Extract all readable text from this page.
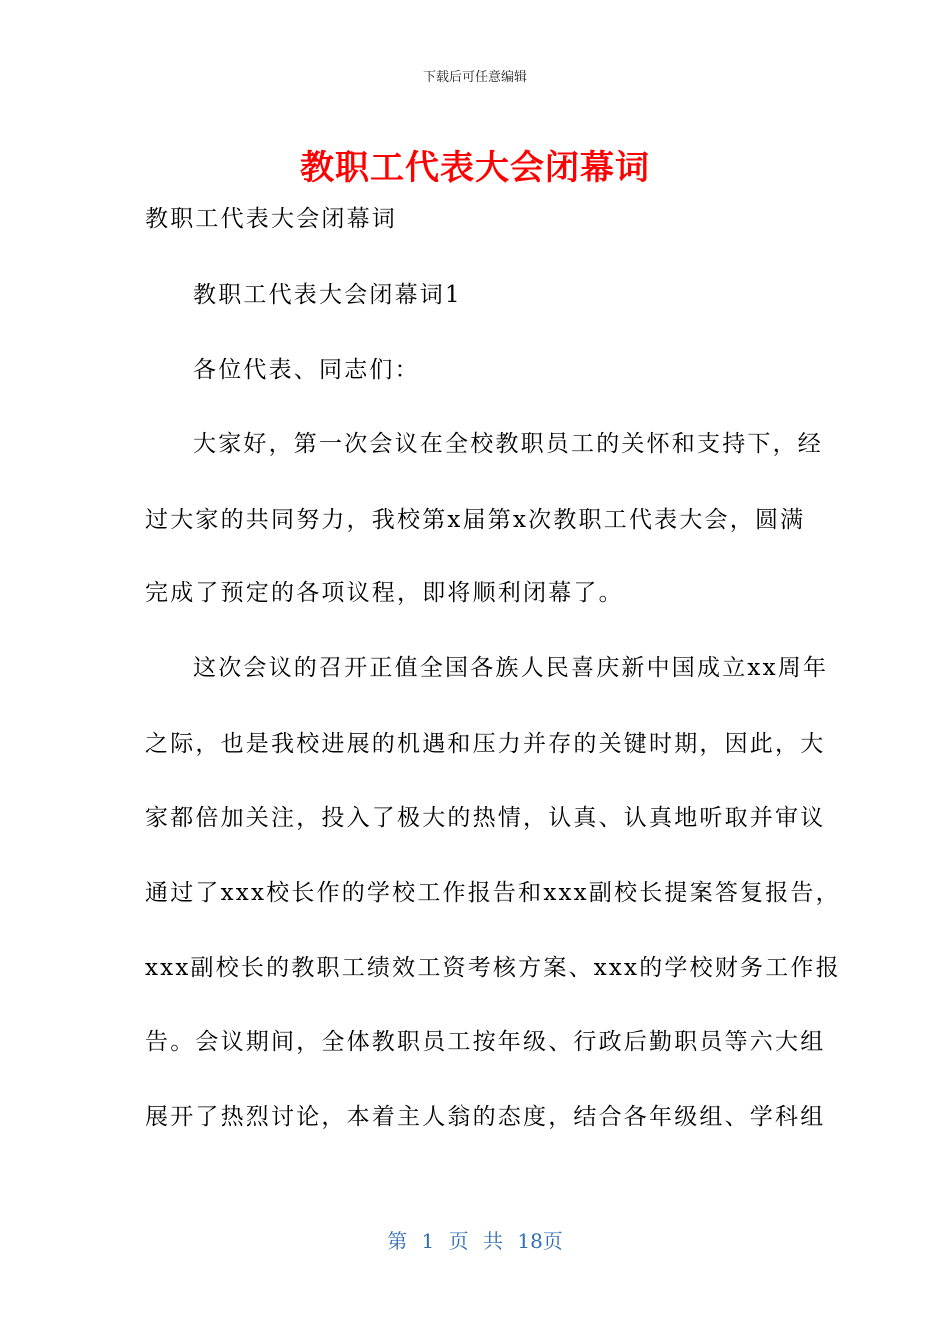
下载后可任意编辑
教职工代表大会闭幕词
教职工代表大会闭幕词
教职工代表大会闭幕词1
各位代表、同志们：
大家好，第一次会议在全校教职员工的关怀和支持下，经
过大家的共同努力，我校第x届第x次教职工代表大会，圆满
完成了预定的各项议程，即将顺利闭幕了。
这次会议的召开正值全国各族人民喜庆新中国成立xx周年
之际，也是我校进展的机遇和压力并存的关键时期，因此，大
家都倍加关注，投入了极大的热情，认真、认真地听取并审议
通过了xxx校长作的学校工作报告和xxx副校长提案答复报告，
xxx副校长的教职工绩效工资考核方案、xxx的学校财务工作报
告。会议期间，全体教职员工按年级、行政后勤职员等六大组
展开了热烈讨论，本着主人翁的态度，结合各年级组、学科组
第 1 页 共 18页
